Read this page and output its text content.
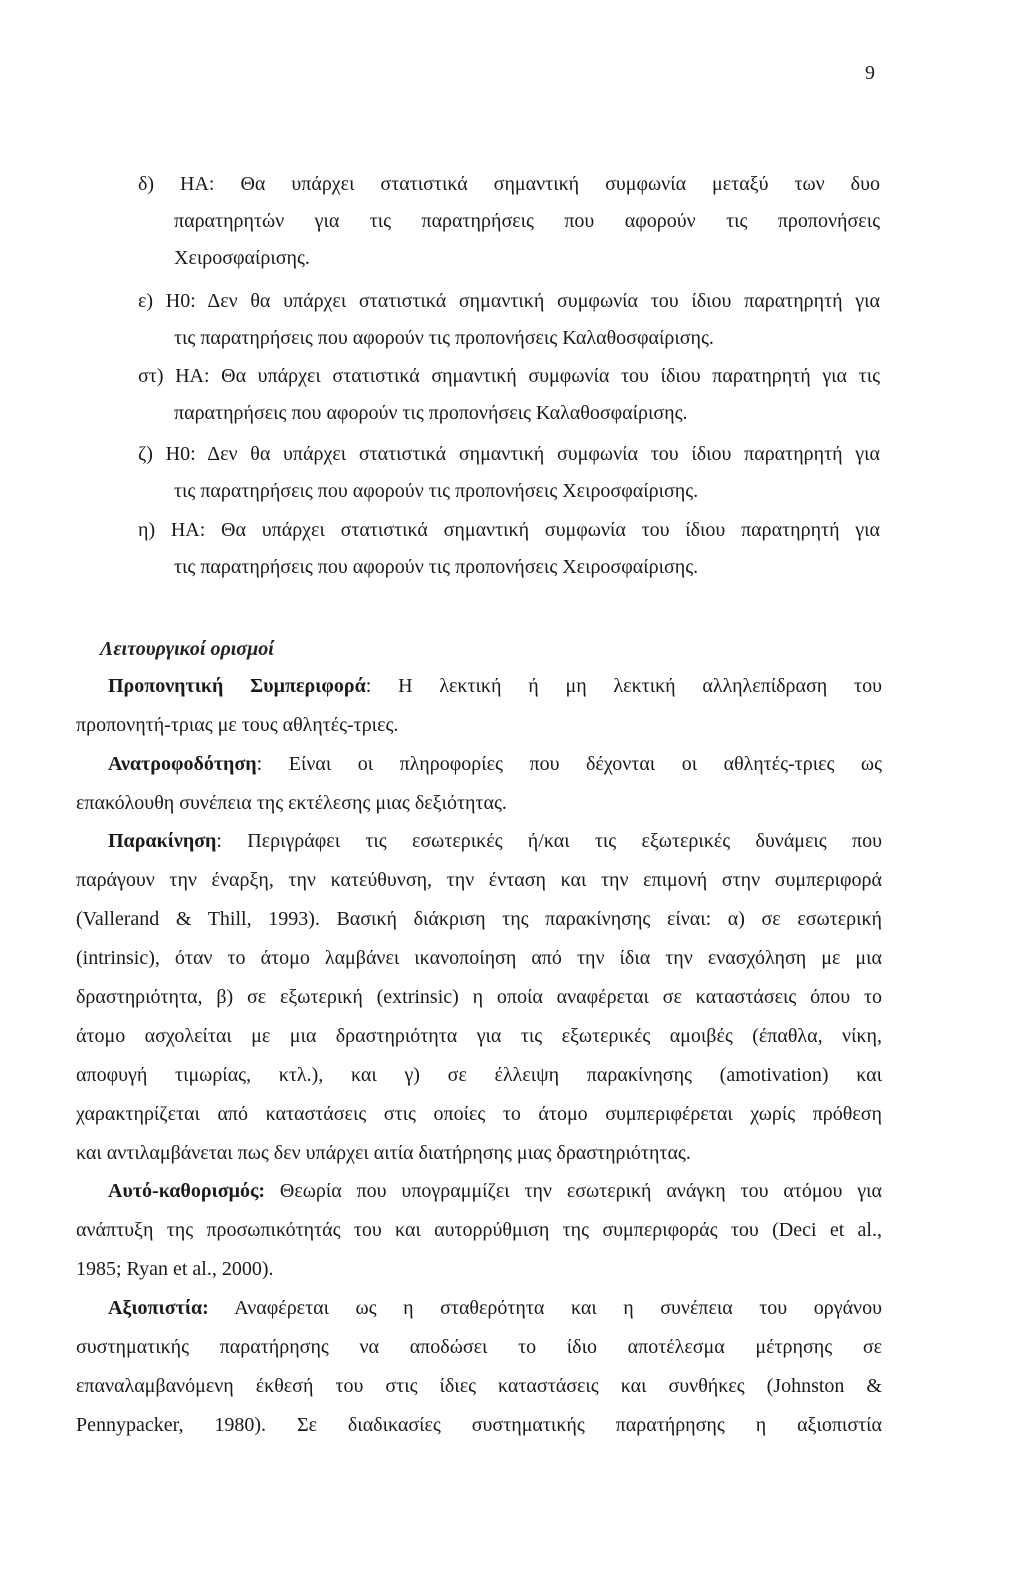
9
δ) ΗΑ: Θα υπάρχει στατιστικά σημαντική συμφωνία μεταξύ των δυο
παρατηρητών για τις παρατηρήσεις που αφορούν τις προπονήσεις
Χειροσφαίρισης.
ε) Η0: Δεν θα υπάρχει στατιστικά σημαντική συμφωνία του ίδιου παρατηρητή για
τις παρατηρήσεις που αφορούν τις προπονήσεις Καλαθοσφαίρισης.
στ) ΗΑ: Θα υπάρχει στατιστικά σημαντική συμφωνία του ίδιου παρατηρητή για τις
παρατηρήσεις που αφορούν τις προπονήσεις Καλαθοσφαίρισης.
ζ) Η0: Δεν θα υπάρχει στατιστικά σημαντική συμφωνία του ίδιου παρατηρητή για
τις παρατηρήσεις που αφορούν τις προπονήσεις Χειροσφαίρισης.
η) ΗΑ: Θα υπάρχει στατιστικά σημαντική συμφωνία του ίδιου παρατηρητή για
τις παρατηρήσεις που αφορούν τις προπονήσεις Χειροσφαίρισης.
Λειτουργικοί ορισμοί
Προπονητική Συμπεριφορά: Η λεκτική ή μη λεκτική αλληλεπίδραση του
προπονητή-τριας με τους αθλητές-τριες.
Ανατροφοδότηση: Είναι οι πληροφορίες που δέχονται οι αθλητές-τριες ως
επακόλουθη συνέπεια της εκτέλεσης μιας δεξιότητας.
Παρακίνηση: Περιγράφει τις εσωτερικές ή/και τις εξωτερικές δυνάμεις που
παράγουν την έναρξη, την κατεύθυνση, την ένταση και την επιμονή στην συμπεριφορά
(Vallerand & Thill, 1993). Βασική διάκριση της παρακίνησης είναι: α) σε εσωτερική
(intrinsic), όταν το άτομο λαμβάνει ικανοποίηση από την ίδια την ενασχόληση με μια
δραστηριότητα, β) σε εξωτερική (extrinsic) η οποία αναφέρεται σε καταστάσεις όπου το
άτομο ασχολείται με μια δραστηριότητα για τις εξωτερικές αμοιβές (έπαθλα, νίκη,
αποφυγή τιμωρίας, κτλ.), και γ) σε έλλειψη παρακίνησης (amotivation) και
χαρακτηρίζεται από καταστάσεις στις οποίες το άτομο συμπεριφέρεται χωρίς πρόθεση
και αντιλαμβάνεται πως δεν υπάρχει αιτία διατήρησης μιας δραστηριότητας.
Αυτό-καθορισμός: Θεωρία που υπογραμμίζει την εσωτερική ανάγκη του ατόμου για
ανάπτυξη της προσωπικότητάς του και αυτορρύθμιση της συμπεριφοράς του (Deci et al.,
1985; Ryan et al., 2000).
Αξιοπιστία: Αναφέρεται ως η σταθερότητα και η συνέπεια του οργάνου
συστηματικής παρατήρησης να αποδώσει το ίδιο αποτέλεσμα μέτρησης σε
επαναλαμβανόμενη έκθεσή του στις ίδιες καταστάσεις και συνθήκες (Johnston &
Pennypacker, 1980). Σε διαδικασίες συστηματικής παρατήρησης η αξιοπιστία
